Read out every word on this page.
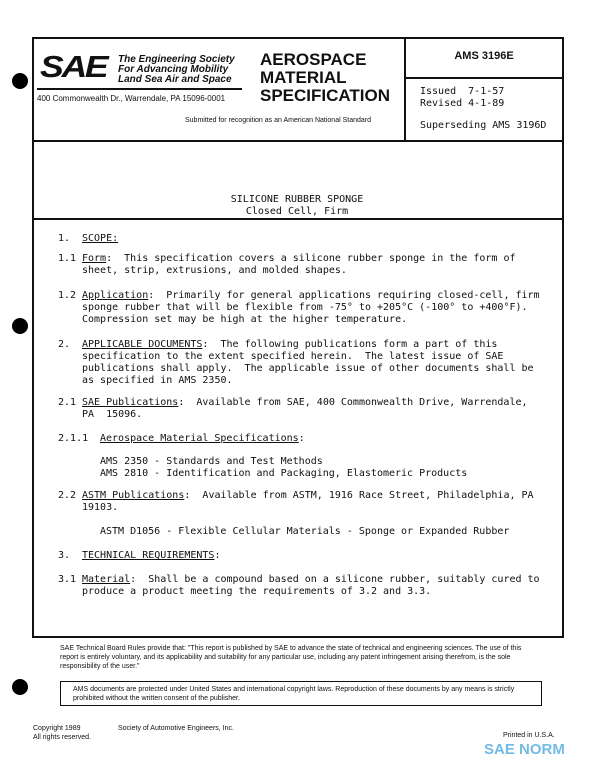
SAE The Engineering Society
For Advancing Mobility
Land Sea Air and Space
400 Commonwealth Dr., Warrendale, PA 15096-0001
AEROSPACE
MATERIAL
SPECIFICATION
Submitted for recognition as an American National Standard
AMS 3196E
Issued  7-1-57
Revised 4-1-89
Superseding AMS 3196D

SILICONE RUBBER SPONGE
Closed Cell, Firm

1. SCOPE:
1.1 Form:  This specification covers a silicone rubber sponge in the form of
sheet, strip, extrusions, and molded shapes.
1.2 Application:  Primarily for general applications requiring closed-cell, firm
sponge rubber that will be flexible from -75° to +205°C (-100° to +400°F).
Compression set may be high at the higher temperature.
2. APPLICABLE DOCUMENTS:  The following publications form a part of this
specification to the extent specified herein.  The latest issue of SAE
publications shall apply.  The applicable issue of other documents shall be
as specified in AMS 2350.
2.1 SAE Publications:  Available from SAE, 400 Commonwealth Drive, Warrendale,
PA  15096.
2.1.1 Aerospace Material Specifications:
AMS 2350 - Standards and Test Methods
AMS 2810 - Identification and Packaging, Elastomeric Products
2.2 ASTM Publications:  Available from ASTM, 1916 Race Street, Philadelphia, PA
19103.
ASTM D1056 - Flexible Cellular Materials - Sponge or Expanded Rubber
3. TECHNICAL REQUIREMENTS:
3.1 Material:  Shall be a compound based on a silicone rubber, suitably cured to
produce a product meeting the requirements of 3.2 and 3.3.
SAE Technical Board Rules provide that: "This report is published by SAE to advance the state of technical and engineering sciences. The use of this report is entirely voluntary, and its applicability and suitability for any particular use, including any patent infringement arising therefrom, is the sole responsibility of the user."
AMS documents are protected under United States and international copyright laws. Reproduction of these documents by any means is strictly prohibited without the written consent of the publisher.
Copyright 1989
All rights reserved.
Society of Automotive Engineers, Inc.
Printed in U.S.A.
SAE NORM
